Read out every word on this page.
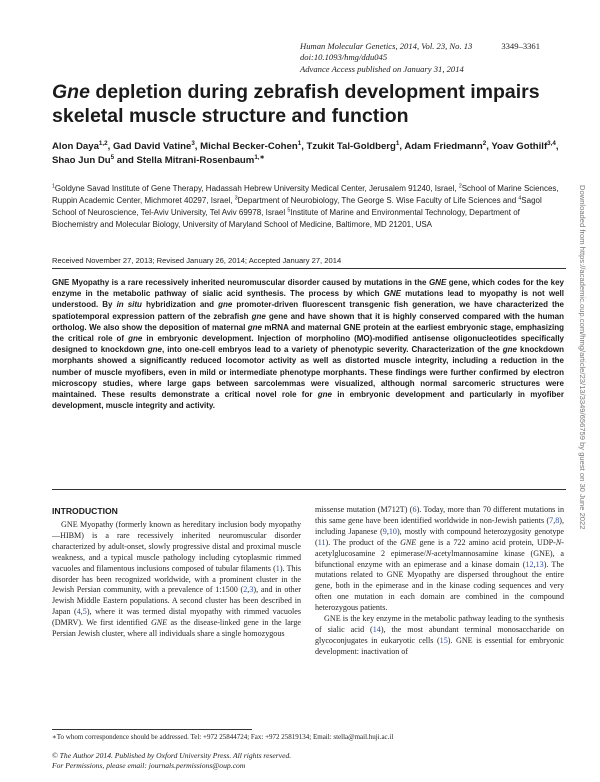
Human Molecular Genetics, 2014, Vol. 23, No. 13	3349–3361
doi:10.1093/hmg/ddu045
Advance Access published on January 31, 2014
Gne depletion during zebrafish development impairs skeletal muscle structure and function
Alon Daya$^{1,2}$, Gad David Vatine$^3$, Michal Becker-Cohen$^1$, Tzukit Tal-Goldberg$^1$, Adam Friedmann$^2$, Yoav Gothilf$^{3,4}$, Shao Jun Du$^5$ and Stella Mitrani-Rosenbaum$^{1,∗}$
$^1$Goldyne Savad Institute of Gene Therapy, Hadassah Hebrew University Medical Center, Jerusalem 91240, Israel, $^2$School of Marine Sciences, Ruppin Academic Center, Michmoret 40297, Israel, $^3$Department of Neurobiology, The George S. Wise Faculty of Life Sciences and $^4$Sagol School of Neuroscience, Tel-Aviv University, Tel Aviv 69978, Israel $^5$Institute of Marine and Environmental Technology, Department of Biochemistry and Molecular Biology, University of Maryland School of Medicine, Baltimore, MD 21201, USA
Received November 27, 2013; Revised January 26, 2014; Accepted January 27, 2014

GNE Myopathy is a rare recessively inherited neuromuscular disorder caused by mutations in the GNE gene, which codes for the key enzyme in the metabolic pathway of sialic acid synthesis. The process by which GNE mutations lead to myopathy is not well understood. By in situ hybridization and gne promoter-driven fluorescent transgenic fish generation, we have characterized the spatiotemporal expression pattern of the zebrafish gne gene and have shown that it is highly conserved compared with the human ortholog. We also show the deposition of maternal gne mRNA and maternal GNE protein at the earliest embryonic stage, emphasizing the critical role of gne in embryonic development. Injection of morpholino (MO)-modified antisense oligonucleotides specifically designed to knockdown gne, into one-cell embryos lead to a variety of phenotypic severity. Characterization of the gne knockdown morphants showed a significantly reduced locomotor activity as well as distorted muscle integrity, including a reduction in the number of muscle myofibers, even in mild or intermediate phenotype morphants. These findings were further confirmed by electron microscopy studies, where large gaps between sarcolemmas were visualized, although normal sarcomeric structures were maintained. These results demonstrate a critical novel role for gne in embryonic development and particularly in myofiber development, muscle integrity and activity.

INTRODUCTION

GNE Myopathy (formerly known as hereditary inclusion body myopathy—HIBM) is a rare recessively inherited neuromuscular disorder characterized by adult-onset, slowly progressive distal and proximal muscle weakness, and a typical muscle pathology including cytoplasmic rimmed vacuoles and filamentous inclusions composed of tubular filaments (1). This disorder has been recognized worldwide, with a prominent cluster in the Jewish Persian community, with a prevalence of 1:1500 (2,3), and in other Jewish Middle Eastern populations. A second cluster has been described in Japan (4,5), where it was termed distal myopathy with rimmed vacuoles (DMRV). We first identified GNE as the disease-linked gene in the large Persian Jewish cluster, where all individuals share a single homozygous

missense mutation (M712T) (6). Today, more than 70 different mutations in this same gene have been identified worldwide in non-Jewish patients (7,8), including Japanese (9,10), mostly with compound heterozygosity genotype (11). The product of the GNE gene is a 722 amino acid protein, UDP-N-acetylglucosamine 2 epimerase/N-acetylmannosamine kinase (GNE), a bifunctional enzyme with an epimerase and a kinase domain (12,13). The mutations related to GNE Myopathy are dispersed throughout the entire gene, both in the epimerase and in the kinase coding sequences and very often one mutation in each domain are combined in the compound heterozygous patients.

GNE is the key enzyme in the metabolic pathway leading to the synthesis of sialic acid (14), the most abundant terminal monosaccharide on glycoconjugates in eukaryotic cells (15). GNE is essential for embryonic development: inactivation of

∗To whom correspondence should be addressed. Tel: +972 25844724; Fax: +972 25819134; Email: stella@mail.huji.ac.il
© The Author 2014. Published by Oxford University Press. All rights reserved.
For Permissions, please email: journals.permissions@oup.com
Downloaded from https://academic.oup.com/hmg/article/23/13/3349/656759 by guest on 30 June 2022
